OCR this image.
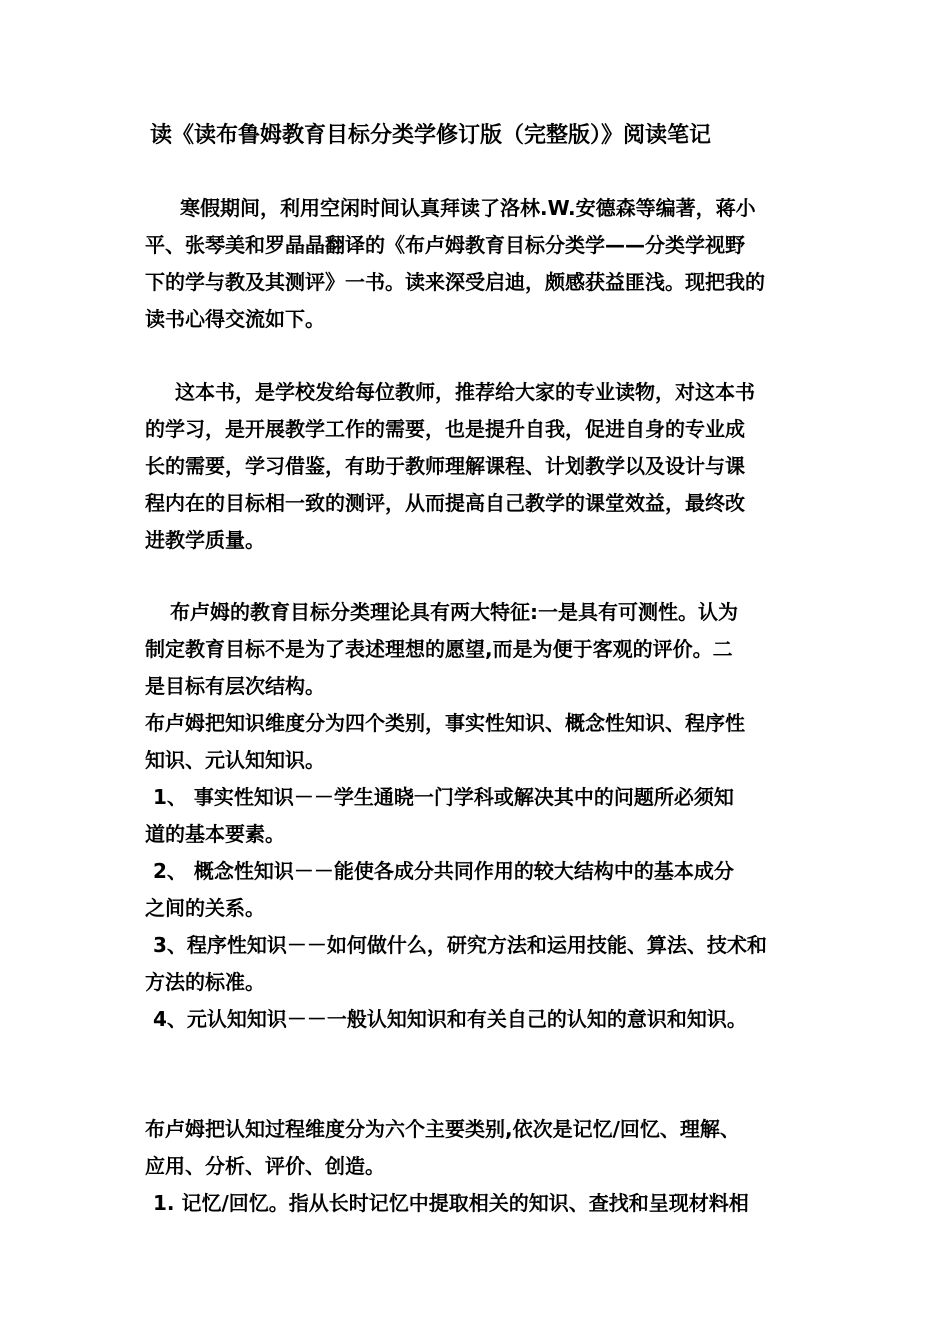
读《读布鲁姆教育目标分类学修订版（完整版）》阅读笔记
　寒假期间，利用空闲时间认真拜读了洛林.W.安德森等编著，蒋小
平、张琴美和罗晶晶翻译的《布卢姆教育目标分类学——分类学视野
下的学与教及其测评》一书。读来深受启迪，颇感获益匪浅。现把我的
读书心得交流如下。
这本书，是学校发给每位教师，推荐给大家的专业读物，对这本书
的学习，是开展教学工作的需要，也是提升自我，促进自身的专业成
长的需要，学习借鉴，有助于教师理解课程、计划教学以及设计与课
程内在的目标相一致的测评，从而提高自己教学的课堂效益，最终改
进教学质量。
布卢姆的教育目标分类理论具有两大特征:一是具有可测性。认为
制定教育目标不是为了表述理想的愿望,而是为便于客观的评价。二
是目标有层次结构。
布卢姆把知识维度分为四个类别，事实性知识、概念性知识、程序性
知识、元认知知识。
1、 事实性知识－－学生通晓一门学科或解决其中的问题所必须知
道的基本要素。
2、 概念性知识－－能使各成分共同作用的较大结构中的基本成分
之间的关系。
3、程序性知识－－如何做什么，研究方法和运用技能、算法、技术和
方法的标准。
4、元认知知识－－一般认知知识和有关自己的认知的意识和知识。
布卢姆把认知过程维度分为六个主要类别,依次是记忆/回忆、理解、
应用、分析、评价、创造。
1. 记忆/回忆。指从长时记忆中提取相关的知识、查找和呈现材料相
